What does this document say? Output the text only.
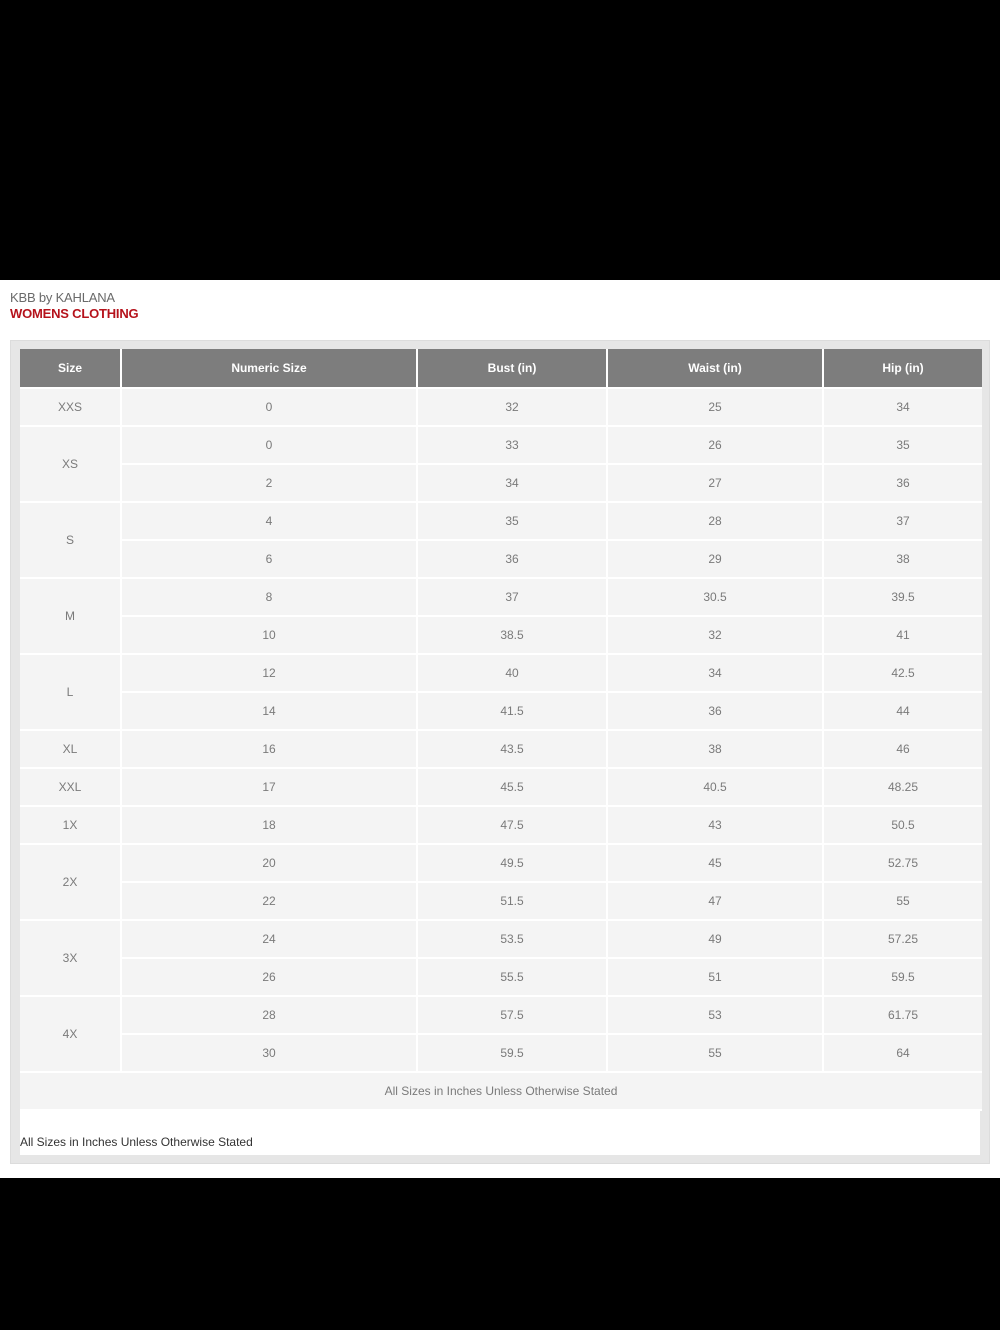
KBB by KAHLANA
WOMENS CLOTHING
Size	Numeric Size	Bust (in)	Waist (in)	Hip (in)
XXS	0	32	25	34
XS	0	33	26	35
	2	34	27	36
S	4	35	28	37
	6	36	29	38
M	8	37	30.5	39.5
	10	38.5	32	41
L	12	40	34	42.5
	14	41.5	36	44
XL	16	43.5	38	46
XXL	17	45.5	40.5	48.25
1X	18	47.5	43	50.5
2X	20	49.5	45	52.75
	22	51.5	47	55
3X	24	53.5	49	57.25
	26	55.5	51	59.5
4X	28	57.5	53	61.75
	30	59.5	55	64
All Sizes in Inches Unless Otherwise Stated				
All Sizes in Inches Unless Otherwise Stated
